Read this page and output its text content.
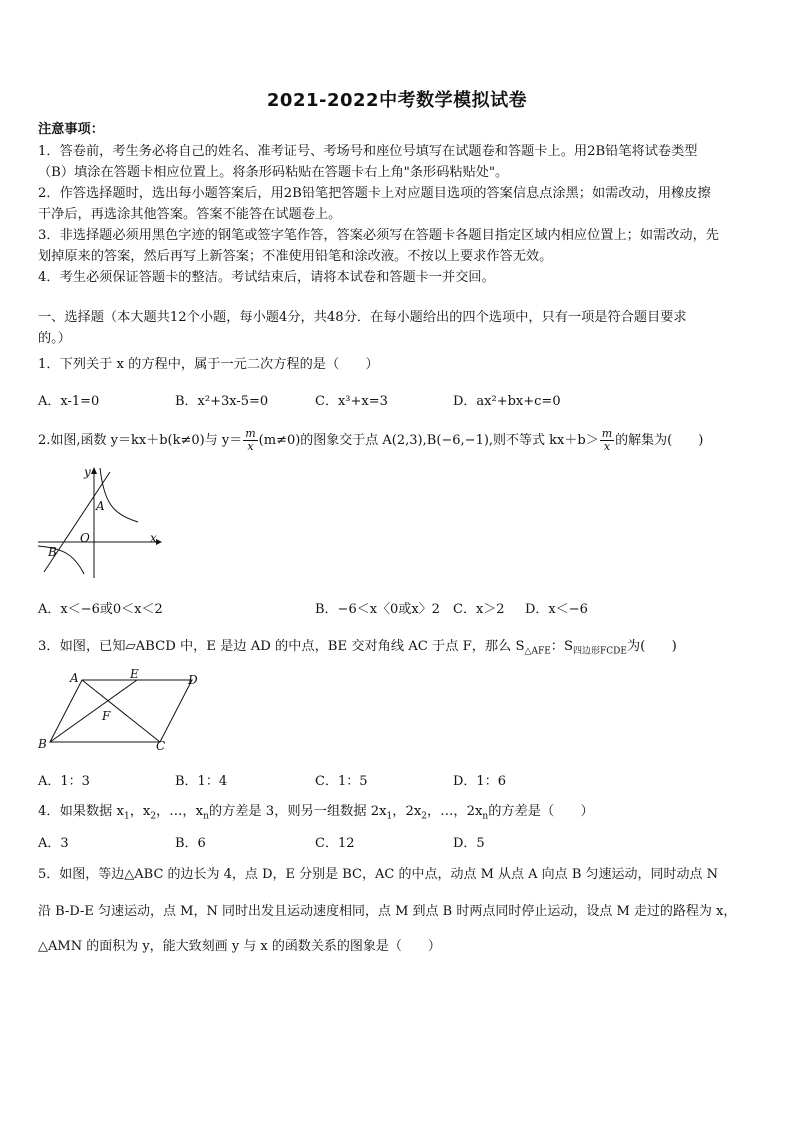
2021-2022中考数学模拟试卷
注意事项：
1．答卷前，考生务必将自己的姓名、准考证号、考场号和座位号填写在试题卷和答题卡上。用2B铅笔将试卷类型
（B）填涂在答题卡相应位置上。将条形码粘贴在答题卡右上角"条形码粘贴处"。
2．作答选择题时，选出每小题答案后，用2B铅笔把答题卡上对应题目选项的答案信息点涂黑；如需改动，用橡皮擦
干净后，再选涂其他答案。答案不能答在试题卷上。
3．非选择题必须用黑色字迹的钢笔或签字笔作答，答案必须写在答题卡各题目指定区域内相应位置上；如需改动，先
划掉原来的答案，然后再写上新答案；不准使用铅笔和涂改液。不按以上要求作答无效。
4．考生必须保证答题卡的整洁。考试结束后，请将本试卷和答题卡一并交回。
一、选择题（本大题共12个小题，每小题4分，共48分．在每小题给出的四个选项中，只有一项是符合题目要求
的。）
1．下列关于 x 的方程中，属于一元二次方程的是（　　）
A．x-1=0	B．x²+3x-5=0	C．x³+x=3	D．ax²+bx+c=0
2.如图,函数 y＝kx＋b(k≠0)与 $y= \frac{m}{x} (m\ne 0)$的图象交于点 A(2,3),B(−6,−1),则不等式 $kx+b> \frac{m}{x}$ 的解集为(　　)
y
x
O
A
B
A．x＜−6或0＜x＜2	B．−6＜x〈0或x〉2 C．x＞2 D．x＜−6
3．如图，已知▱ABCD 中，E 是边 AD 的中点，BE 交对角线 AC 于点 F，那么 $S_{\triangle AFE}$：$S_{四边形FCDE}$为(　　)
A	E	D
F
B	C
A．1：3	B．1：4	C．1：5	D．1：6
4．如果数据 $x_1$，$x_2$，…，$x_n$的方差是 3，则另一组数据 $2x_1$，$2x_2$，…，$2x_n$的方差是（　　）
A．3	B．6	C．12	D．5
5．如图，等边△ABC 的边长为 4，点 D，E 分别是 BC，AC 的中点，动点 M 从点 A 向点 B 匀速运动，同时动点 N
沿 B-D-E 匀速运动，点 M，N 同时出发且运动速度相同，点 M 到点 B 时两点同时停止运动，设点 M 走过的路程为 x，
△AMN 的面积为 y，能大致刻画 y 与 x 的函数关系的图象是（　　）
